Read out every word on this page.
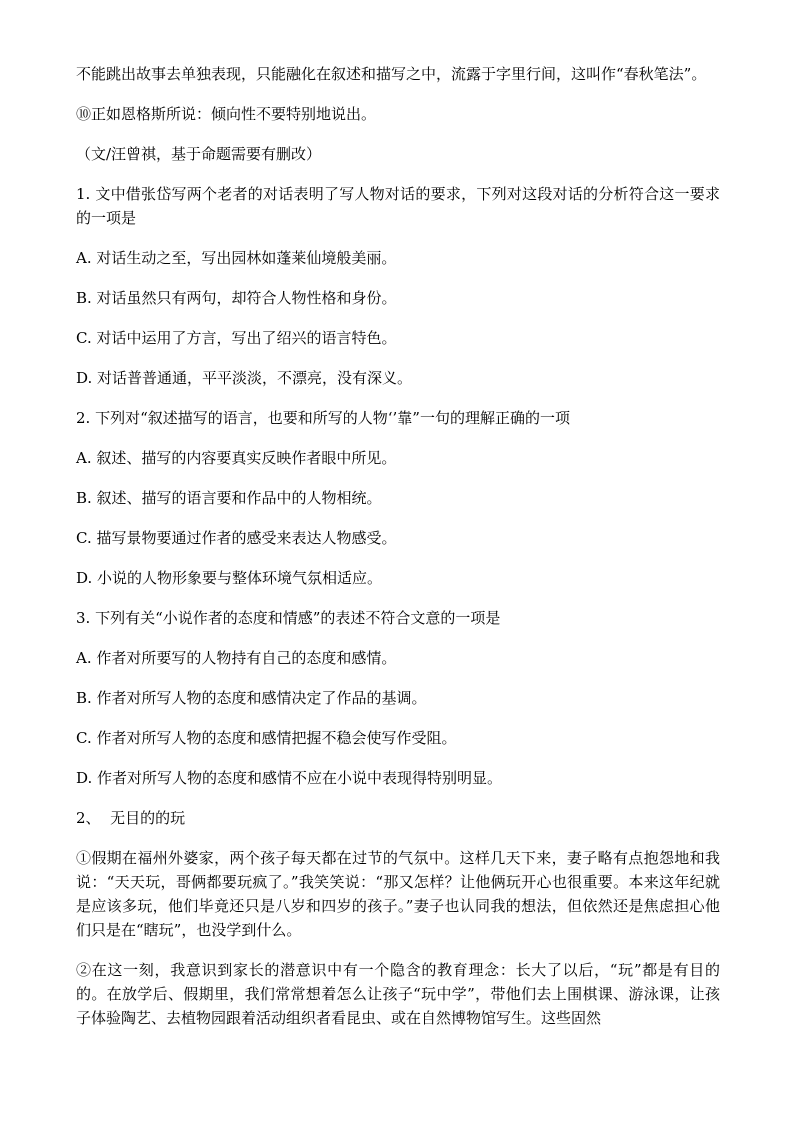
不能跳出故事去单独表现，只能融化在叙述和描写之中，流露于字里行间，这叫作“春秋笔法”。

⑩正如恩格斯所说：倾向性不要特别地说出。

（文/汪曾祺，基于命题需要有删改）

1. 文中借张岱写两个老者的对话表明了写人物对话的要求，下列对这段对话的分析符合这一要求的一项是

A. 对话生动之至，写出园林如蓬莱仙境般美丽。

B. 对话虽然只有两句，却符合人物性格和身份。

C. 对话中运用了方言，写出了绍兴的语言特色。

D. 对话普普通通，平平淡淡，不漂亮，没有深义。

2. 下列对“叙述描写的语言，也要和所写的人物‘’靠”一句的理解正确的一项

A. 叙述、描写的内容要真实反映作者眼中所见。

B. 叙述、描写的语言要和作品中的人物相统。

C. 描写景物要通过作者的感受来表达人物感受。

D. 小说的人物形象要与整体环境气氛相适应。

3. 下列有关“小说作者的态度和情感”的表述不符合文意的一项是

A. 作者对所要写的人物持有自己的态度和感情。

B. 作者对所写人物的态度和感情决定了作品的基调。

C. 作者对所写人物的态度和感情把握不稳会使写作受阻。

D. 作者对所写人物的态度和感情不应在小说中表现得特别明显。

2、  无目的的玩

①假期在福州外婆家，两个孩子每天都在过节的气氛中。这样几天下来，妻子略有点抱怨地和我说：“天天玩，哥俩都要玩疯了。”我笑笑说：“那又怎样？让他俩玩开心也很重要。本来这年纪就是应该多玩，他们毕竟还只是八岁和四岁的孩子。”妻子也认同我的想法，但依然还是焦虑担心他们只是在“瞎玩”，也没学到什么。

②在这一刻，我意识到家长的潜意识中有一个隐含的教育理念：长大了以后，“玩”都是有目的的。在放学后、假期里，我们常常想着怎么让孩子“玩中学”，带他们去上围棋课、游泳课，让孩子体验陶艺、去植物园跟着活动组织者看昆虫、或在自然博物馆写生。这些固然
